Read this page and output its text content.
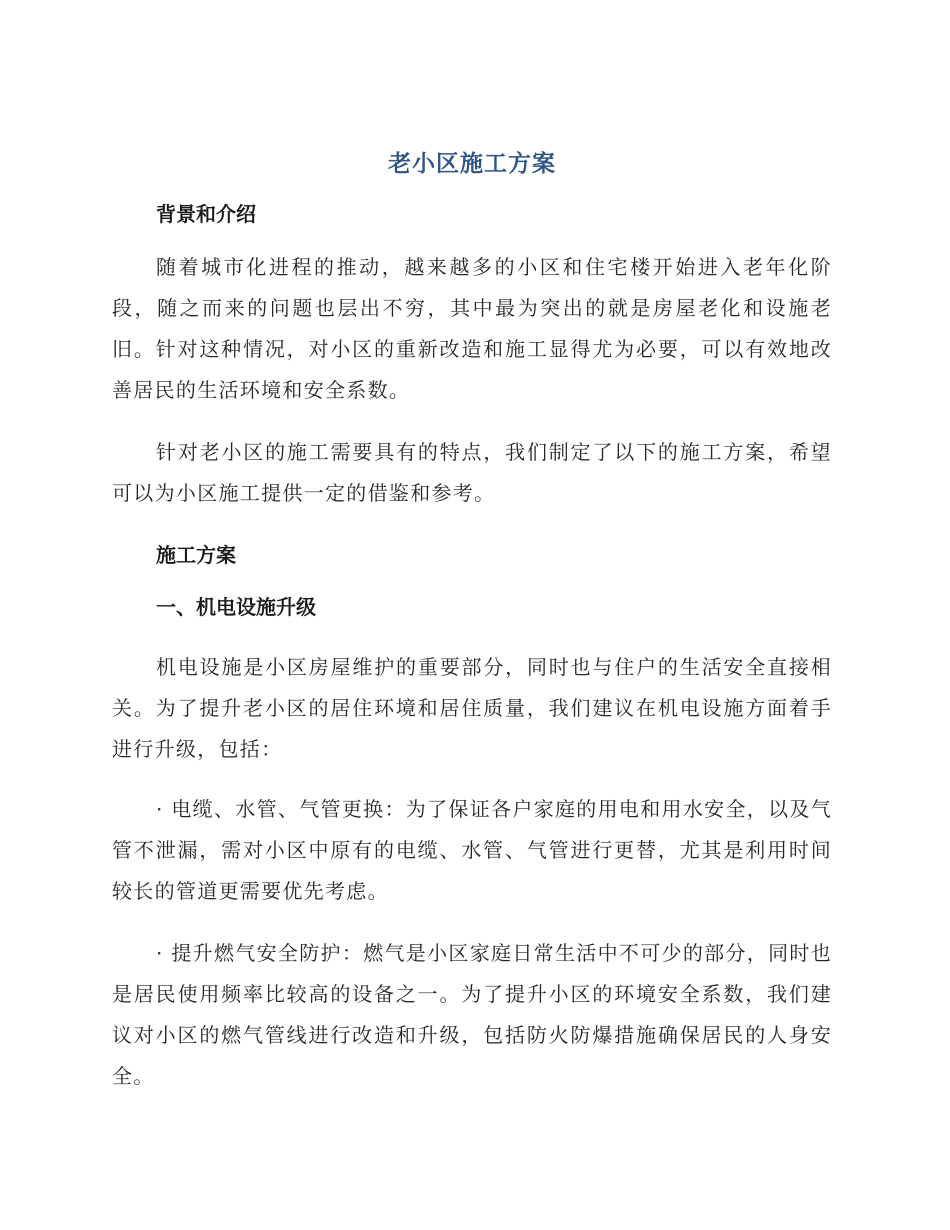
老小区施工方案
背景和介绍

随着城市化进程的推动，越来越多的小区和住宅楼开始进入老年化阶段，随之而来的问题也层出不穷，其中最为突出的就是房屋老化和设施老旧。针对这种情况，对小区的重新改造和施工显得尤为必要，可以有效地改善居民的生活环境和安全系数。

针对老小区的施工需要具有的特点，我们制定了以下的施工方案，希望可以为小区施工提供一定的借鉴和参考。

施工方案
一、机电设施升级

机电设施是小区房屋维护的重要部分，同时也与住户的生活安全直接相关。为了提升老小区的居住环境和居住质量，我们建议在机电设施方面着手进行升级，包括：

· 电缆、水管、气管更换：为了保证各户家庭的用电和用水安全，以及气管不泄漏，需对小区中原有的电缆、水管、气管进行更替，尤其是利用时间较长的管道更需要优先考虑。

· 提升燃气安全防护：燃气是小区家庭日常生活中不可少的部分，同时也是居民使用频率比较高的设备之一。为了提升小区的环境安全系数，我们建议对小区的燃气管线进行改造和升级，包括防火防爆措施确保居民的人身安全。
